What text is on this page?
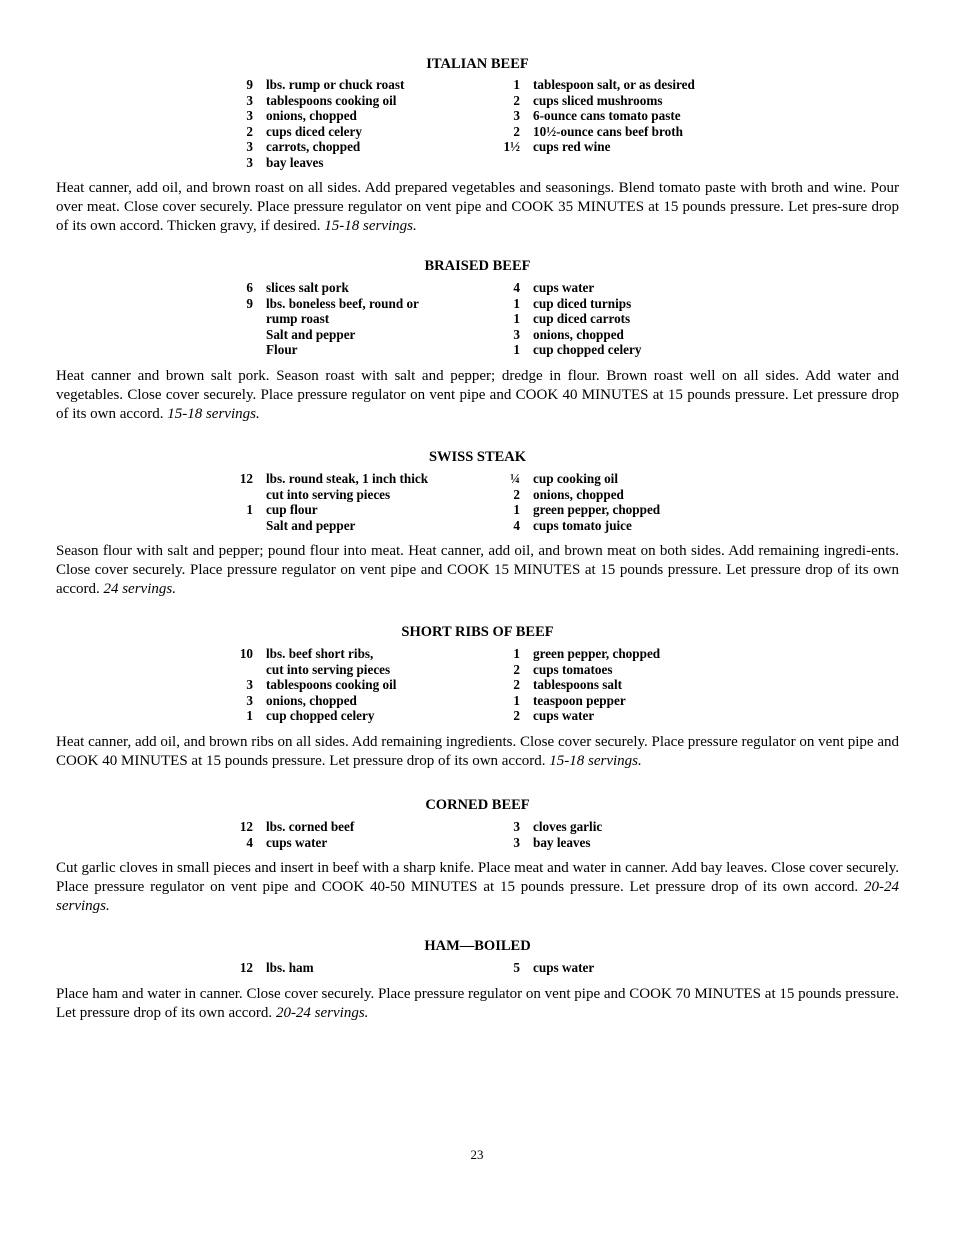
ITALIAN BEEF
9 lbs. rump or chuck roast	1 tablespoon salt, or as desired
3 tablespoons cooking oil	2 cups sliced mushrooms
3 onions, chopped	3 6-ounce cans tomato paste
2 cups diced celery	2 10½-ounce cans beef broth
3 carrots, chopped	1½ cups red wine
3 bay leaves

Heat canner, add oil, and brown roast on all sides. Add prepared vegetables and seasonings. Blend tomato paste with broth and wine. Pour over meat. Close cover securely. Place pressure regulator on vent pipe and COOK 35 MINUTES at 15 pounds pressure. Let pres-sure drop of its own accord. Thicken gravy, if desired. 15-18 servings.

BRAISED BEEF
6 slices salt pork	4 cups water
9 lbs. boneless beef, round or	1 cup diced turnips
rump roast	1 cup diced carrots
Salt and pepper	3 onions, chopped
Flour	1 cup chopped celery

Heat canner and brown salt pork. Season roast with salt and pepper; dredge in flour. Brown roast well on all sides. Add water and vegetables. Close cover securely. Place pressure regulator on vent pipe and COOK 40 MINUTES at 15 pounds pressure. Let pressure drop of its own accord. 15-18 servings.

SWISS STEAK
12 lbs. round steak, 1 inch thick	¼ cup cooking oil
cut into serving pieces	2 onions, chopped
1 cup flour	1 green pepper, chopped
Salt and pepper	4 cups tomato juice

Season flour with salt and pepper; pound flour into meat. Heat canner, add oil, and brown meat on both sides. Add remaining ingredi-ents. Close cover securely. Place pressure regulator on vent pipe and COOK 15 MINUTES at 15 pounds pressure. Let pressure drop of its own accord. 24 servings.

SHORT RIBS OF BEEF
10 lbs. beef short ribs,	1 green pepper, chopped
cut into serving pieces	2 cups tomatoes
3 tablespoons cooking oil	2 tablespoons salt
3 onions, chopped	1 teaspoon pepper
1 cup chopped celery	2 cups water

Heat canner, add oil, and brown ribs on all sides. Add remaining ingredients. Close cover securely. Place pressure regulator on vent pipe and COOK 40 MINUTES at 15 pounds pressure. Let pressure drop of its own accord. 15-18 servings.

CORNED BEEF
12 lbs. corned beef	3 cloves garlic
4 cups water	3 bay leaves

Cut garlic cloves in small pieces and insert in beef with a sharp knife. Place meat and water in canner. Add bay leaves. Close cover securely. Place pressure regulator on vent pipe and COOK 40-50 MINUTES at 15 pounds pressure. Let pressure drop of its own accord. 20-24 servings.

HAM—BOILED
12 lbs. ham	5 cups water

Place ham and water in canner. Close cover securely. Place pressure regulator on vent pipe and COOK 70 MINUTES at 15 pounds pressure. Let pressure drop of its own accord. 20-24 servings.

23
